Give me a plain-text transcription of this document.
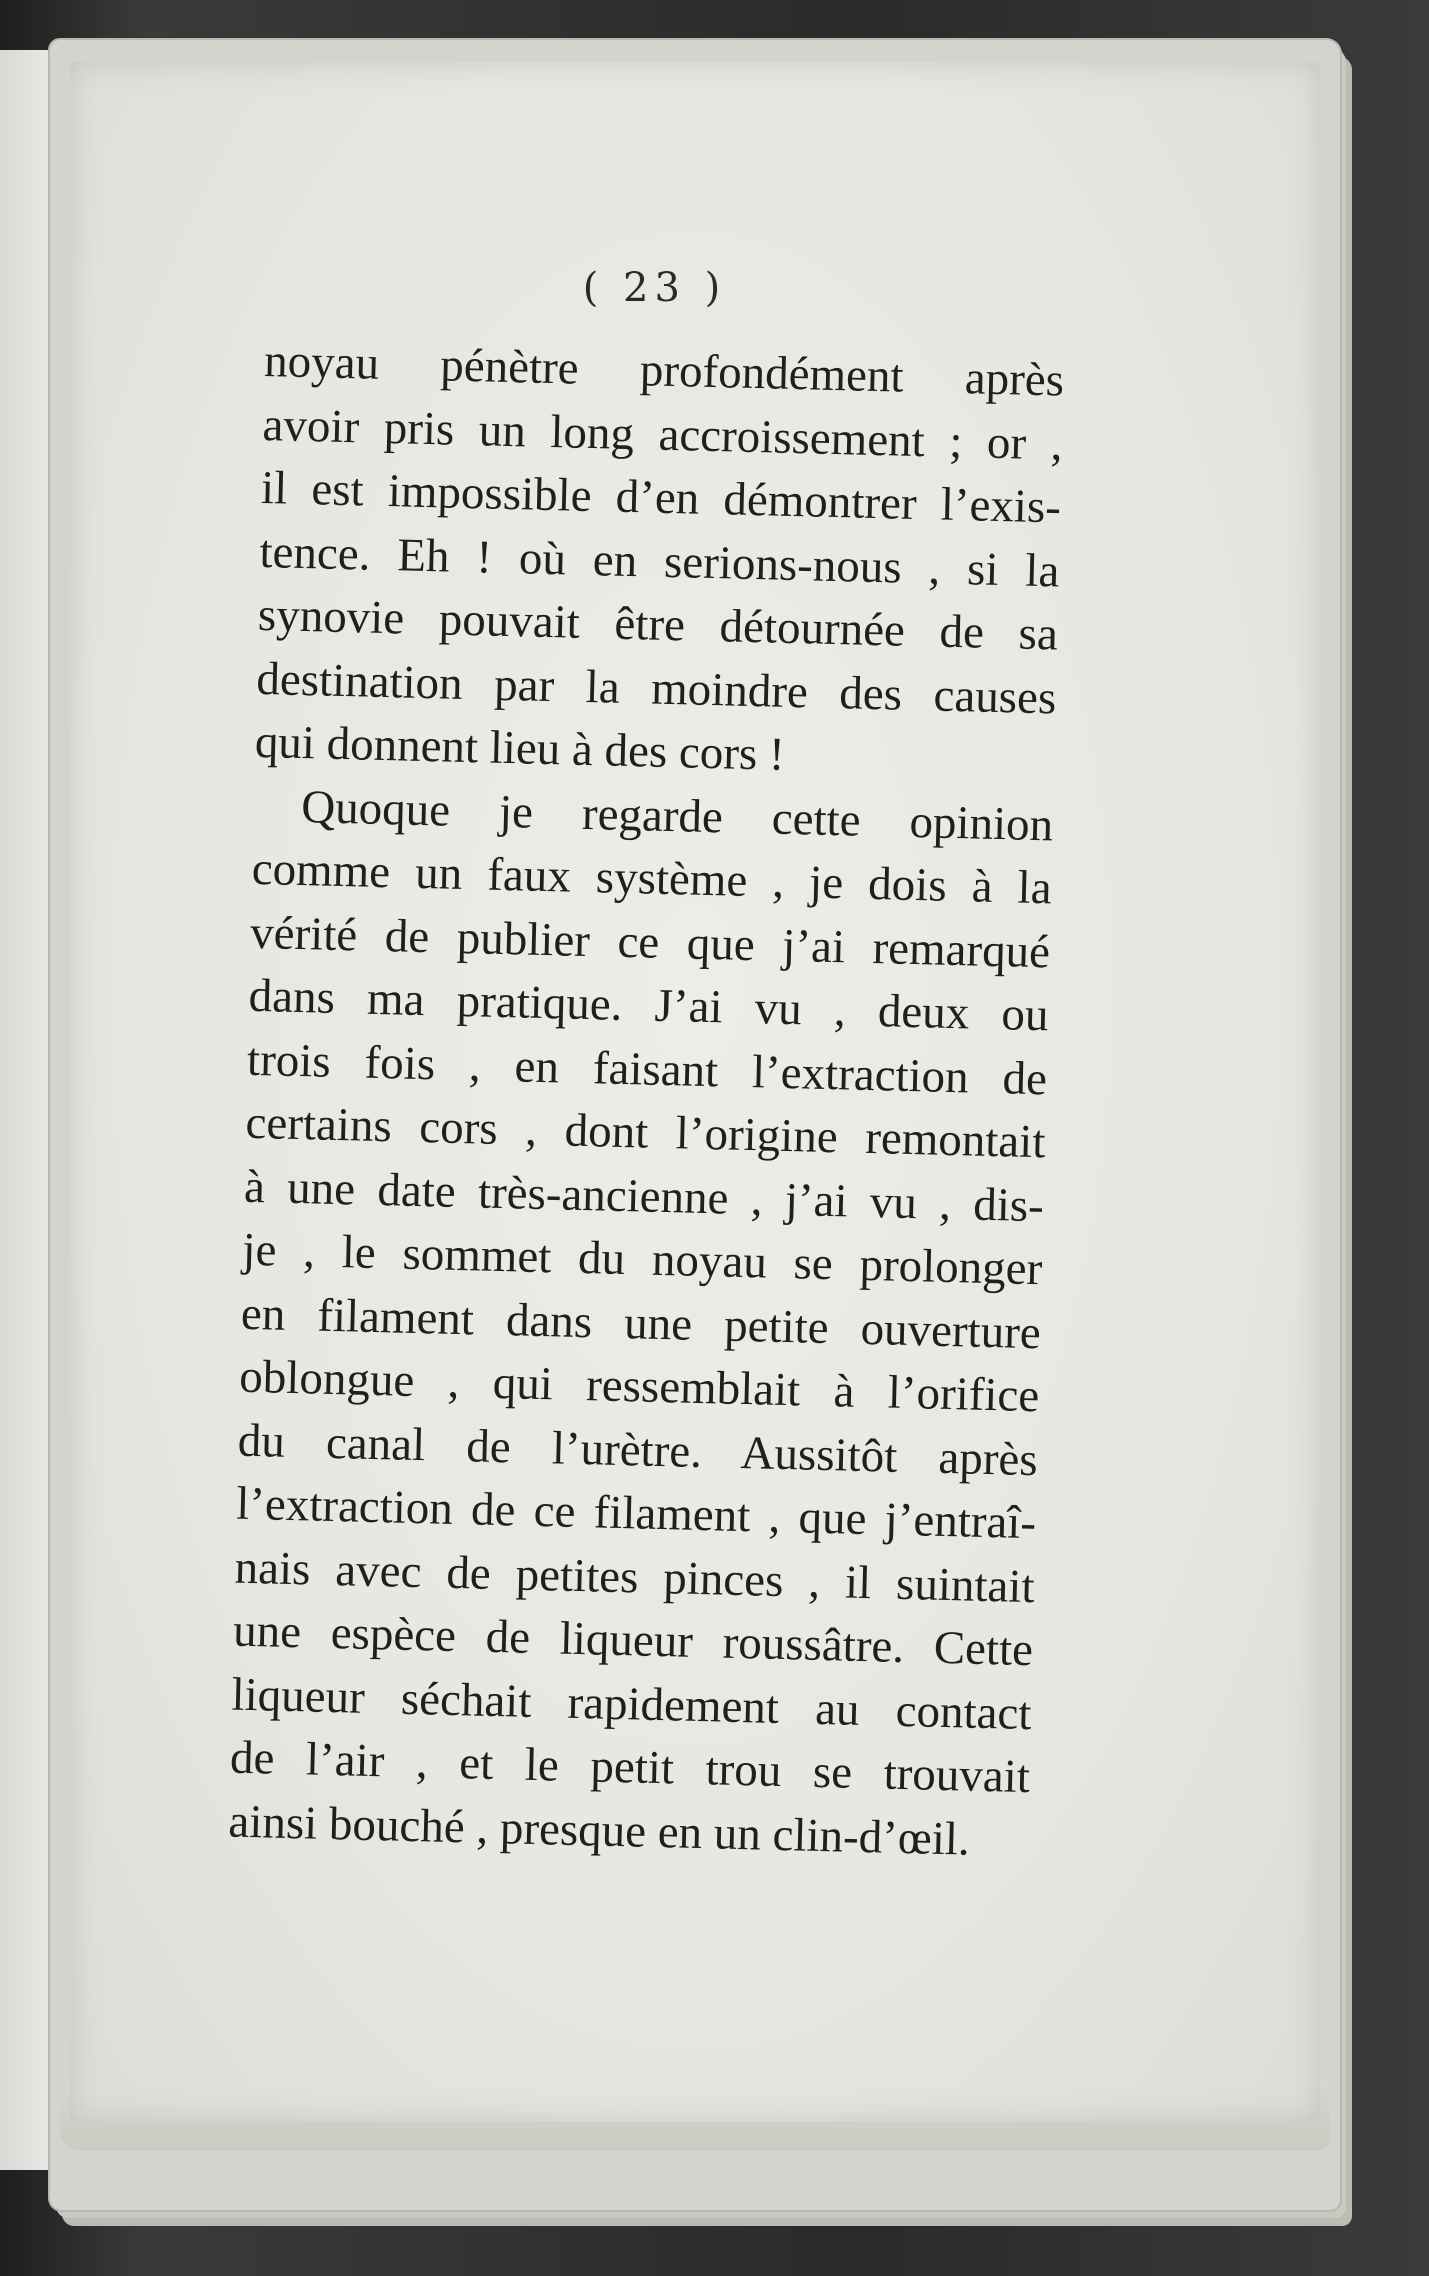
( 23 )
noyau pénètre profondément après
avoir pris un long accroissement ; or ,
il est impossible d’en démontrer l’exis-
tence. Eh ! où en serions-nous , si la
synovie pouvait être détournée de sa
destination par la moindre des causes
qui donnent lieu à des cors !
Quoque je regarde cette opinion
comme un faux système , je dois à la
vérité de publier ce que j’ai remarqué
dans ma pratique. J’ai vu , deux ou
trois fois , en faisant l’extraction de
certains cors , dont l’origine remontait
à une date très-ancienne , j’ai vu , dis-
je , le sommet du noyau se prolonger
en filament dans une petite ouverture
oblongue , qui ressemblait à l’orifice
du canal de l’urètre. Aussitôt après
l’extraction de ce filament , que j’entraî-
nais avec de petites pinces , il suintait
une espèce de liqueur roussâtre. Cette
liqueur séchait rapidement au contact
de l’air , et le petit trou se trouvait
ainsi bouché , presque en un clin-d’œil.
